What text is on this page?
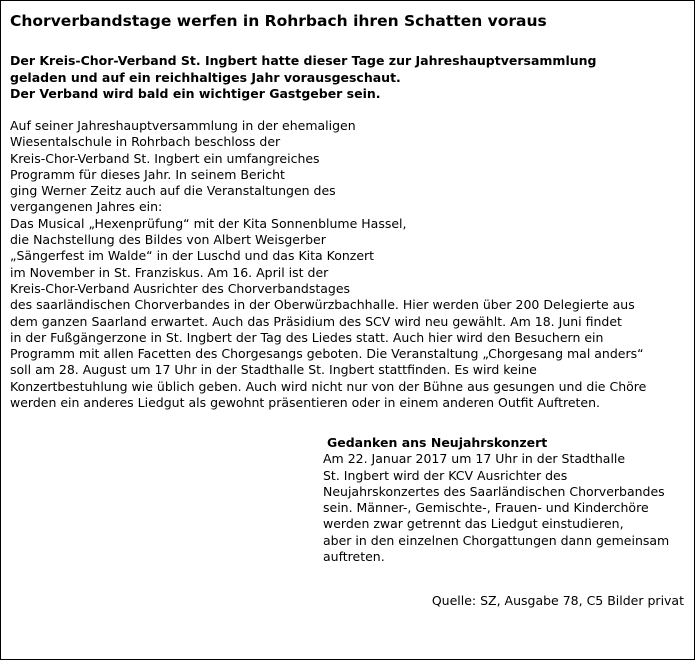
Chorverbandstage werfen in Rohrbach ihren Schatten voraus

Der Kreis-Chor-Verband St. Ingbert hatte dieser Tage zur Jahreshauptversammlung
geladen und auf ein reichhaltiges Jahr vorausgeschaut.
Der Verband wird bald ein wichtiger Gastgeber sein.

Auf seiner Jahreshauptversammlung in der ehemaligen
Wiesentalschule in Rohrbach beschloss der
Kreis-Chor-Verband St. Ingbert ein umfangreiches
Programm für dieses Jahr. In seinem Bericht
ging Werner Zeitz auch auf die Veranstaltungen des
vergangenen Jahres ein:
Das Musical „Hexenprüfung“ mit der Kita Sonnenblume Hassel,
die Nachstellung des Bildes von Albert Weisgerber
„Sängerfest im Walde“ in der Luschd und das Kita Konzert
im November in St. Franziskus. Am 16. April ist der
Kreis-Chor-Verband Ausrichter des Chorverbandstages
des saarländischen Chorverbandes in der Oberwürzbachhalle. Hier werden über 200 Delegierte aus
dem ganzen Saarland erwartet. Auch das Präsidium des SCV wird neu gewählt. Am 18. Juni findet
in der Fußgängerzone in St. Ingbert der Tag des Liedes statt. Auch hier wird den Besuchern ein
Programm mit allen Facetten des Chorgesangs geboten. Die Veranstaltung „Chorgesang mal anders“
soll am 28. August um 17 Uhr in der Stadthalle St. Ingbert stattfinden. Es wird keine
Konzertbestuhlung wie üblich geben. Auch wird nicht nur von der Bühne aus gesungen und die Chöre
werden ein anderes Liedgut als gewohnt präsentieren oder in einem anderen Outfit Auftreten.

Gedanken ans Neujahrskonzert
Am 22. Januar 2017 um 17 Uhr in der Stadthalle
St. Ingbert wird der KCV Ausrichter des
Neujahrskonzertes des Saarländischen Chorverbandes
sein. Männer-, Gemischte-, Frauen- und Kinderchöre
werden zwar getrennt das Liedgut einstudieren,
aber in den einzelnen Chorgattungen dann gemeinsam
auftreten.

Quelle: SZ, Ausgabe 78, C5 Bilder privat
